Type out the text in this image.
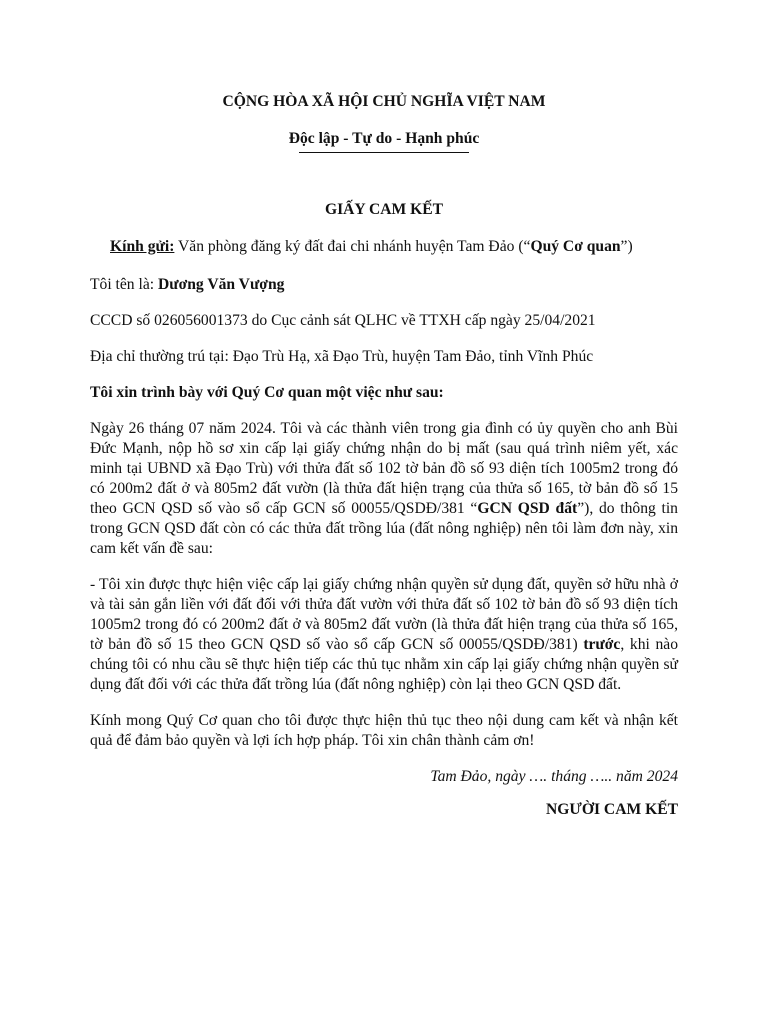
CỘNG HÒA XÃ HỘI CHỦ NGHĨA VIỆT NAM
Độc lập - Tự do - Hạnh phúc
GIẤY CAM KẾT

Kính gửi: Văn phòng đăng ký đất đai chi nhánh huyện Tam Đảo (“Quý Cơ quan”)

Tôi tên là: Dương Văn Vượng

CCCD số 026056001373 do Cục cảnh sát QLHC về TTXH cấp ngày 25/04/2021

Địa chỉ thường trú tại: Đạo Trù Hạ, xã Đạo Trù, huyện Tam Đảo, tỉnh Vĩnh Phúc

Tôi xin trình bày với Quý Cơ quan một việc như sau:

Ngày 26 tháng 07 năm 2024. Tôi và các thành viên trong gia đình có ủy quyền cho anh Bùi Đức Mạnh, nộp hồ sơ xin cấp lại giấy chứng nhận do bị mất (sau quá trình niêm yết, xác minh tại UBND xã Đạo Trù) với thửa đất số 102 tờ bản đồ số 93 diện tích 1005m2 trong đó có 200m2 đất ở và 805m2 đất vườn (là thửa đất hiện trạng của thửa số 165, tờ bản đồ số 15 theo GCN QSD số vào sổ cấp GCN số 00055/QSDĐ/381 “GCN QSD đất”), do thông tin trong GCN QSD đất còn có các thửa đất trồng lúa (đất nông nghiệp) nên tôi làm đơn này, xin cam kết vấn đề sau:

- Tôi xin được thực hiện việc cấp lại giấy chứng nhận quyền sử dụng đất, quyền sở hữu nhà ở và tài sản gắn liền với đất đối với thửa đất vườn với thửa đất số 102 tờ bản đồ số 93 diện tích 1005m2 trong đó có 200m2 đất ở và 805m2 đất vườn (là thửa đất hiện trạng của thửa số 165, tờ bản đồ số 15 theo GCN QSD số vào sổ cấp GCN số 00055/QSDĐ/381) trước, khi nào chúng tôi có nhu cầu sẽ thực hiện tiếp các thủ tục nhằm xin cấp lại giấy chứng nhận quyền sử dụng đất đối với các thửa đất trồng lúa (đất nông nghiệp) còn lại theo GCN QSD đất.

Kính mong Quý Cơ quan cho tôi được thực hiện thủ tục theo nội dung cam kết và nhận kết quả để đảm bảo quyền và lợi ích hợp pháp. Tôi xin chân thành cảm ơn!

Tam Đảo, ngày …. tháng ….. năm 2024
NGƯỜI CAM KẾT
